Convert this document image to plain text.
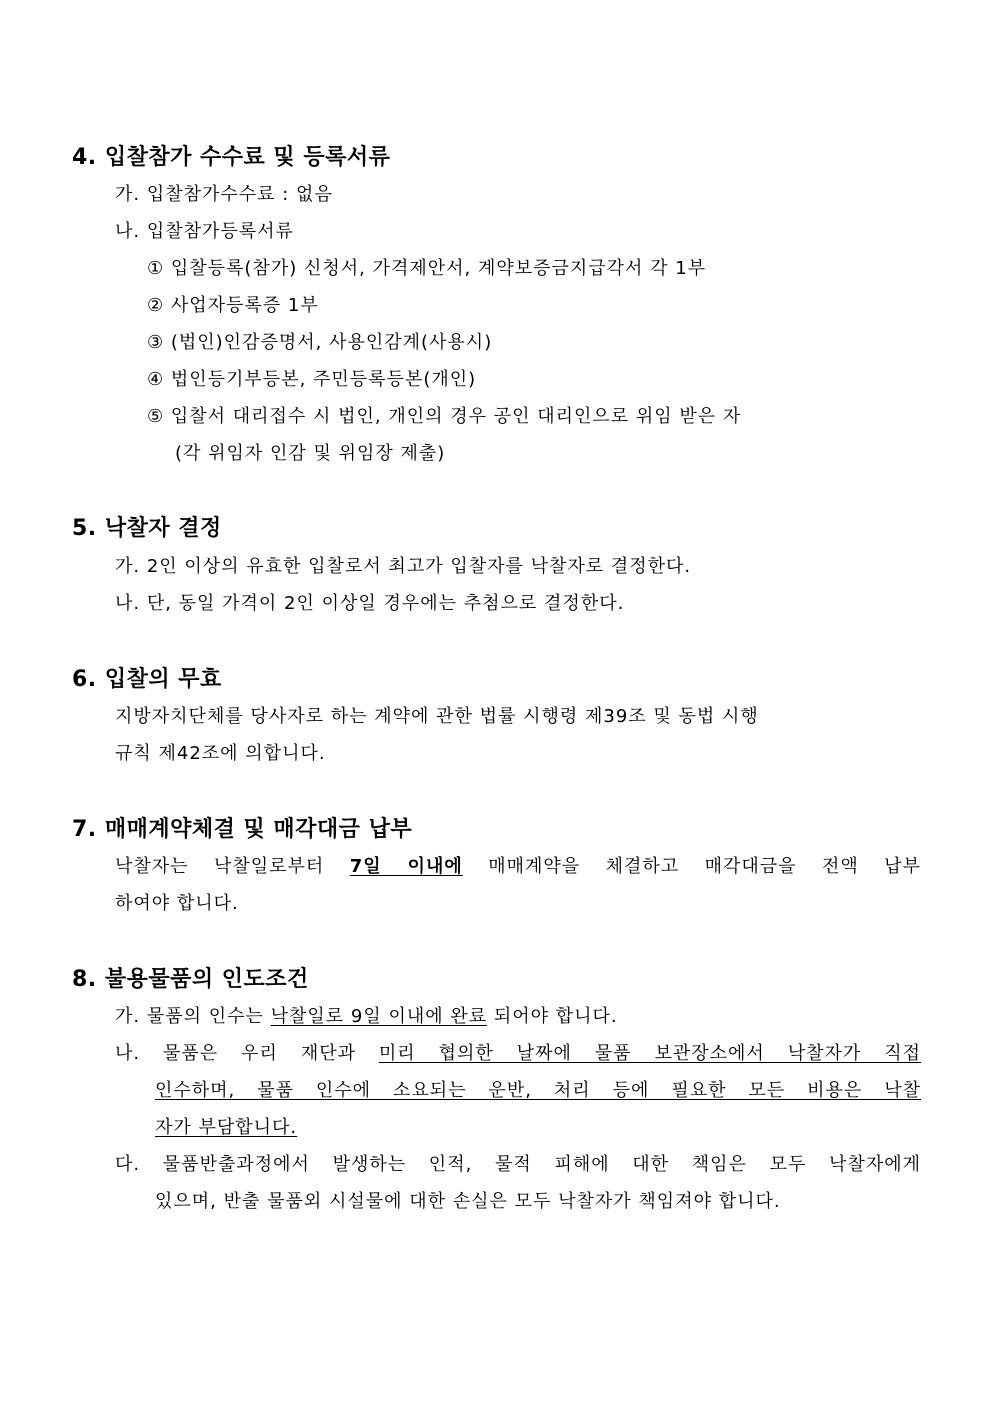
4. 입찰참가 수수료 및 등록서류
가. 입찰참가수수료 : 없음
나. 입찰참가등록서류
① 입찰등록(참가) 신청서, 가격제안서, 계약보증금지급각서 각 1부
② 사업자등록증 1부
③ (법인)인감증명서, 사용인감계(사용시)
④ 법인등기부등본, 주민등록등본(개인)
⑤ 입찰서 대리접수 시 법인, 개인의 경우 공인 대리인으로 위임 받은 자
(각 위임자 인감 및 위임장 제출)
5. 낙찰자 결정
가. 2인 이상의 유효한 입찰로서 최고가 입찰자를 낙찰자로 결정한다.
나. 단, 동일 가격이 2인 이상일 경우에는 추첨으로 결정한다.
6. 입찰의 무효
지방자치단체를 당사자로 하는 계약에 관한 법률 시행령 제39조 및 동법 시행
규칙 제42조에 의합니다.
7. 매매계약체결 및 매각대금 납부
낙찰자는 낙찰일로부터 7일 이내에 매매계약을 체결하고 매각대금을 전액 납부
하여야 합니다.
8. 불용물품의 인도조건
가. 물품의 인수는 낙찰일로 9일 이내에 완료 되어야 합니다.
나. 물품은 우리 재단과 미리 협의한 날짜에 물품 보관장소에서 낙찰자가 직접
인수하며, 물품 인수에 소요되는 운반, 처리 등에 필요한 모든 비용은 낙찰
자가 부담합니다.
다. 물품반출과정에서 발생하는 인적, 물적 피해에 대한 책임은 모두 낙찰자에게
있으며, 반출 물품외 시설물에 대한 손실은 모두 낙찰자가 책임져야 합니다.
